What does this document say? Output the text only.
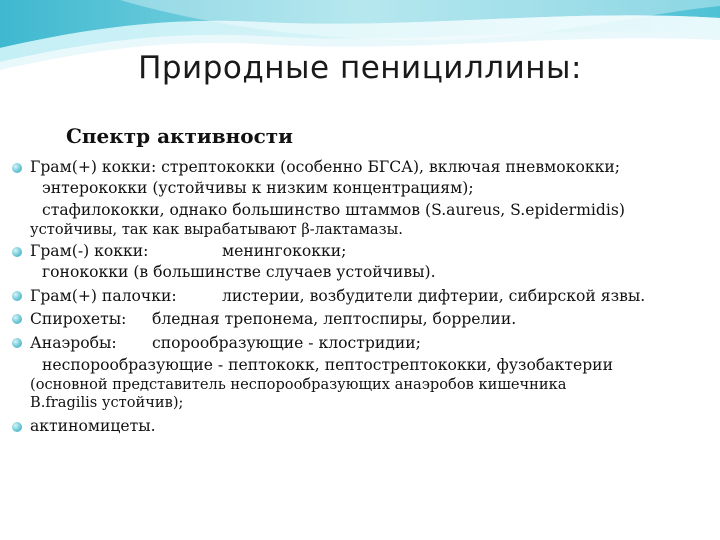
Природные пенициллины:
Спектр активности
Грам(+) кокки: стрептококки (особенно БГСА), включая пневмококки;
энтерококки (устойчивы к низким концентрациям);
стафилококки, однако большинство штаммов (S.aureus, S.epidermidis)
устойчивы, так как вырабатывают β-лактамазы.
Грам(-) кокки:	менингококки;
гонококки (в большинстве случаев устойчивы).
Грам(+) палочки:	листерии, возбудители дифтерии, сибирской язвы.
Спирохеты:	бледная трепонема, лептоспиры, боррелии.
Анаэробы:	спорообразующие - клостридии;
неспорообразующие - пептококк, пептострептококки, фузобактерии
(основной представитель неспорообразующих анаэробов кишечника
B.fragilis устойчив);
актиномицеты.
